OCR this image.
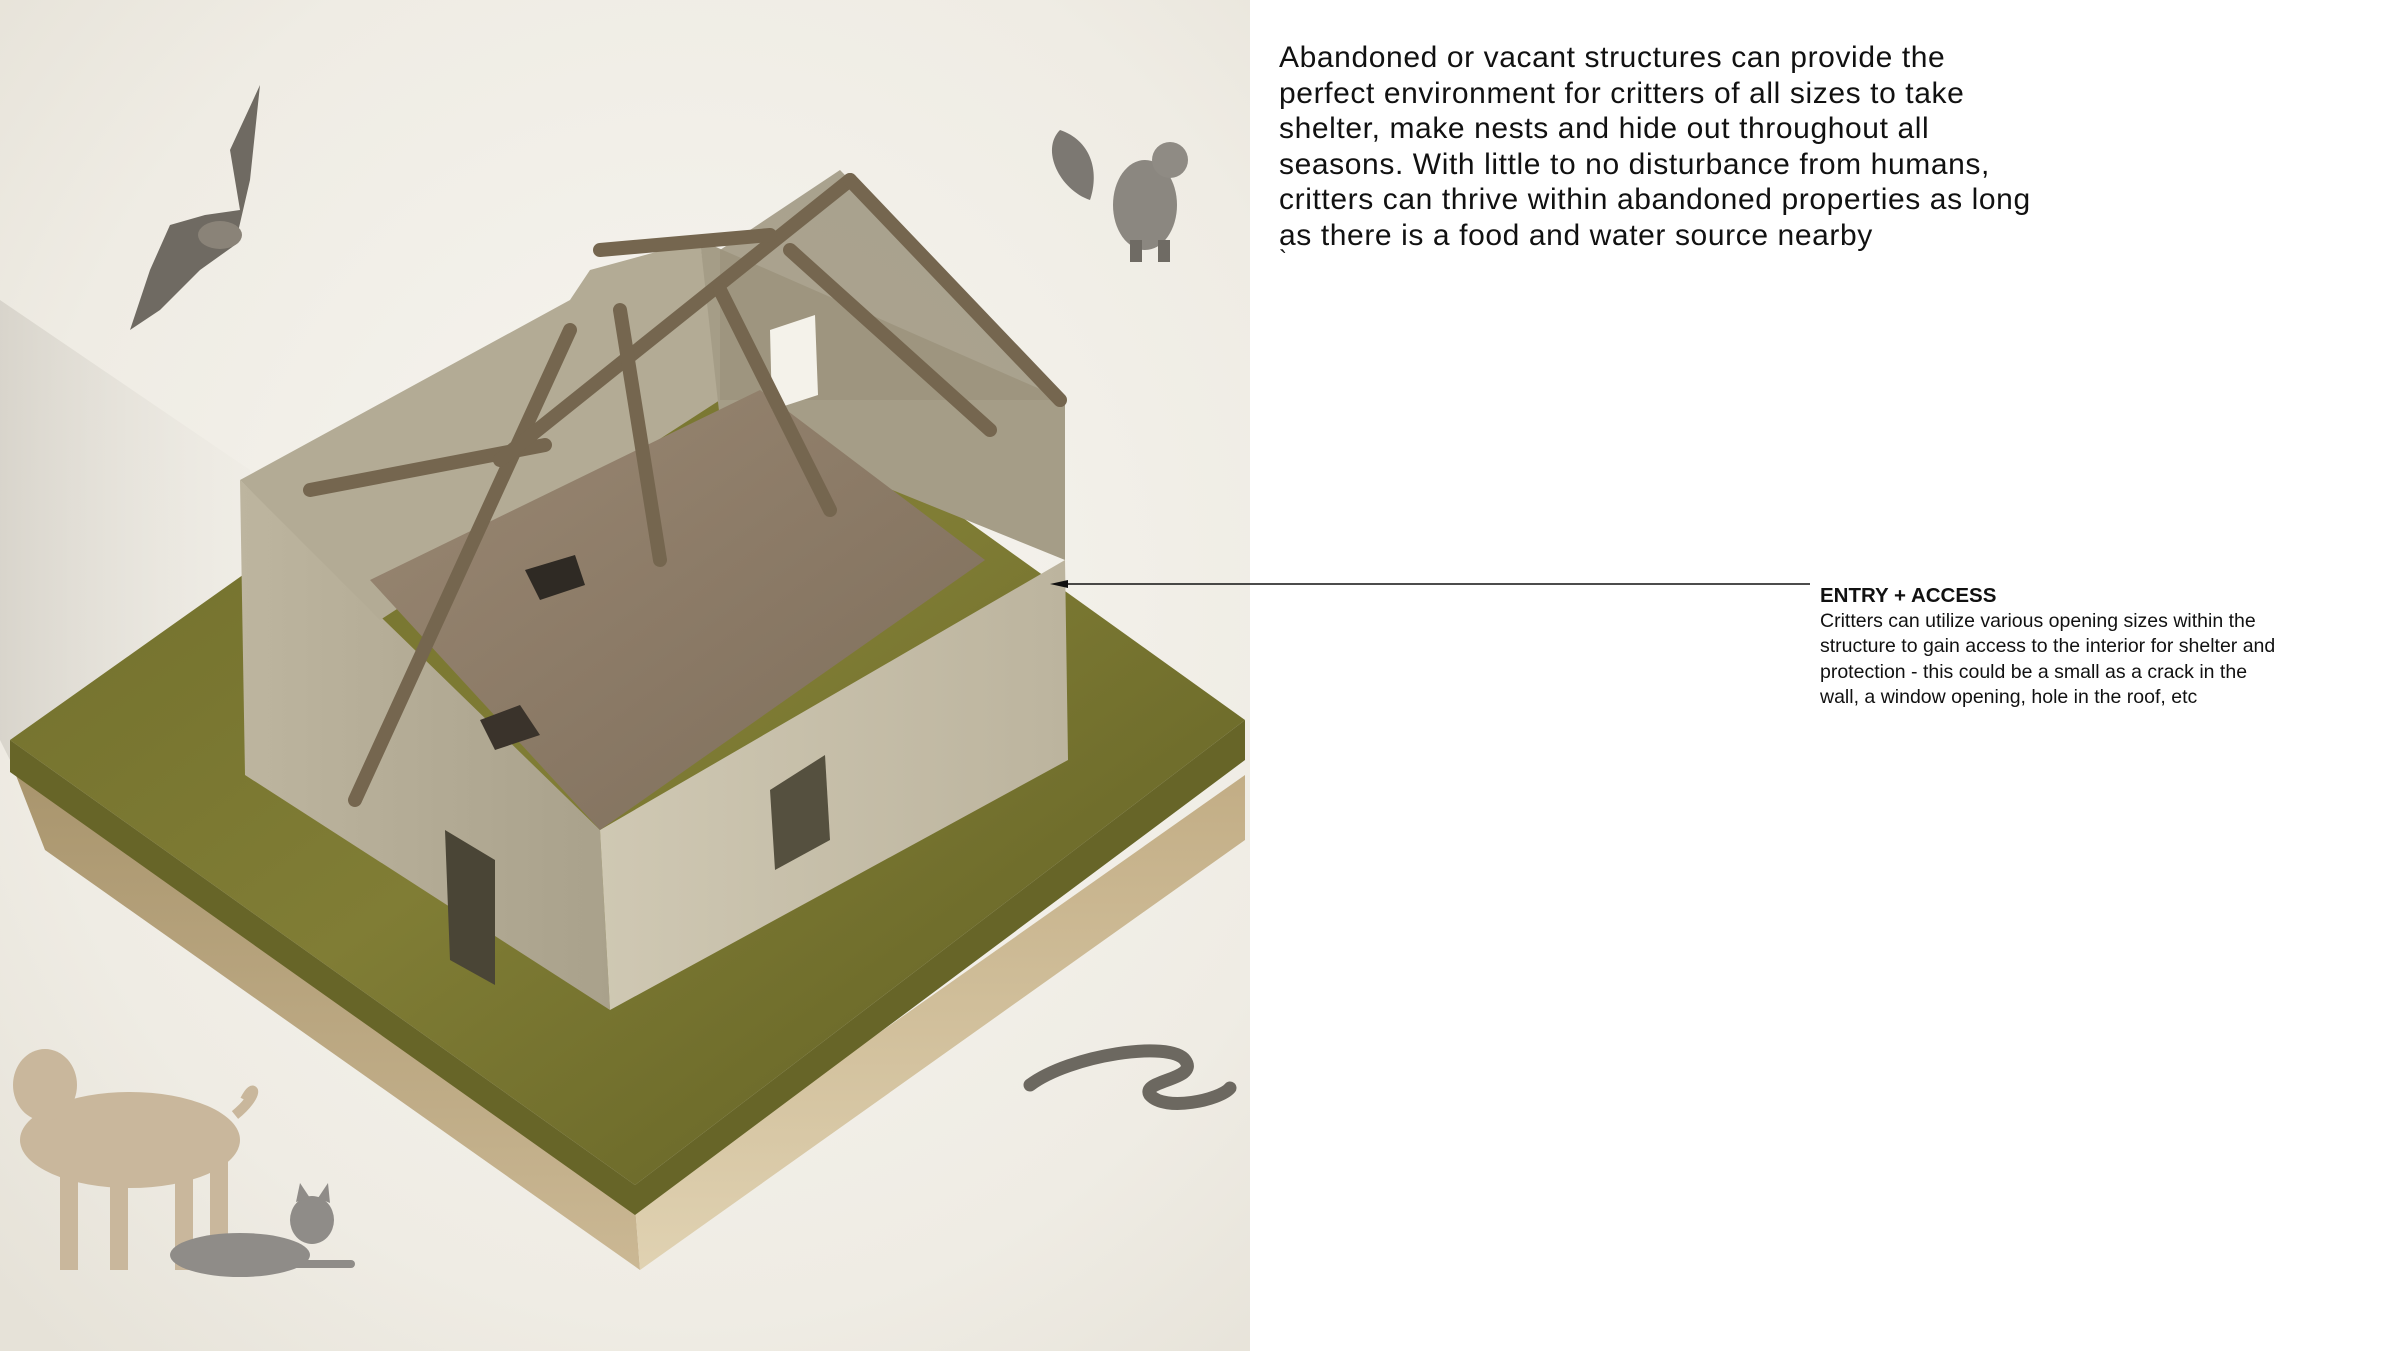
Abandoned or vacant structures can provide the perfect environment for critters of all sizes to take shelter, make nests and hide out throughout all seasons. With little to no disturbance from humans, critters can thrive within abandoned properties as long as there is a food and water source nearby
`

ENTRY + ACCESS

Critters can utilize various opening sizes within the structure to gain access to the interior for shelter and protection - this could be a small as a crack in the wall, a window opening, hole in the roof, etc
